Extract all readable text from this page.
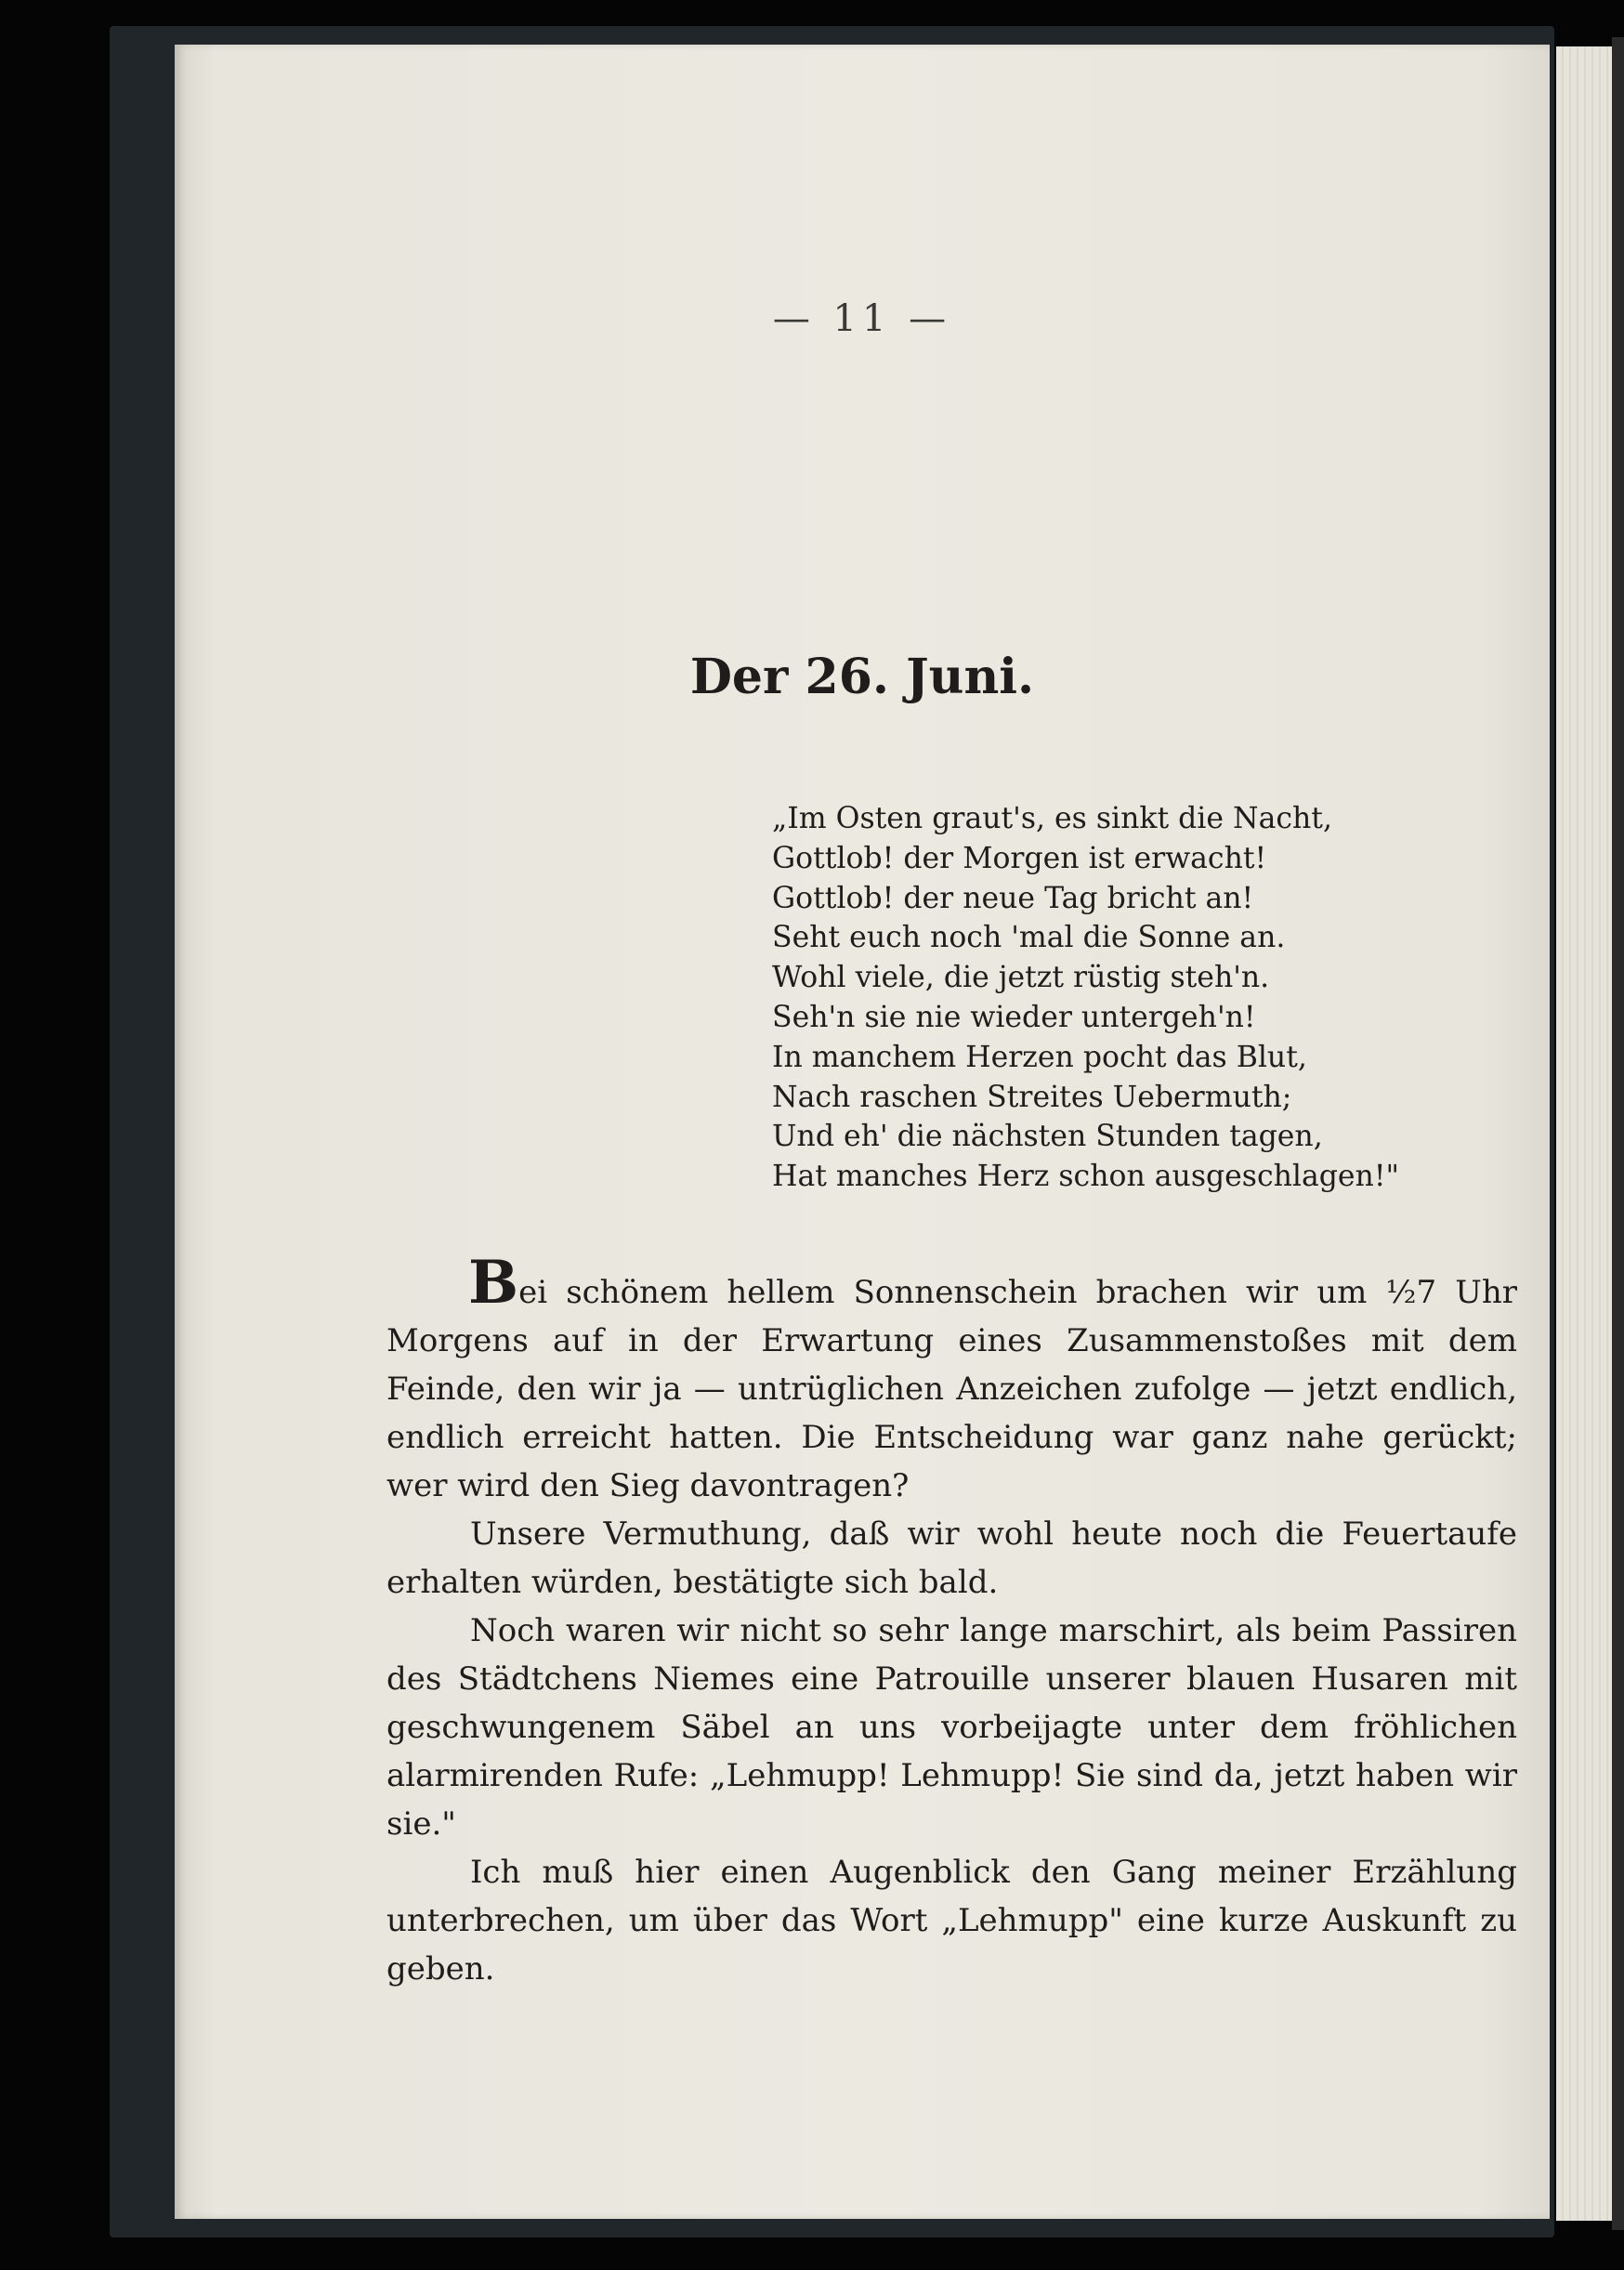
— 11 —
Der 26. Juni.
„Im Osten graut's, es sinkt die Nacht,
Gottlob! der Morgen ist erwacht!
Gottlob! der neue Tag bricht an!
Seht euch noch 'mal die Sonne an.
Wohl viele, die jetzt rüstig steh'n.
Seh'n sie nie wieder untergeh'n!
In manchem Herzen pocht das Blut,
Nach raschen Streites Uebermuth;
Und eh' die nächsten Stunden tagen,
Hat manches Herz schon ausgeschlagen!"

Bei schönem hellem Sonnenschein brachen wir um ½7 Uhr Morgens auf in der Erwartung eines Zusammenstoßes mit dem Feinde, den wir ja — untrüglichen Anzeichen zufolge — jetzt endlich, endlich erreicht hatten. Die Entscheidung war ganz nahe gerückt; wer wird den Sieg davontragen?

Unsere Vermuthung, daß wir wohl heute noch die Feuertaufe erhalten würden, bestätigte sich bald.

Noch waren wir nicht so sehr lange marschirt, als beim Passiren des Städtchens Niemes eine Patrouille unserer blauen Husaren mit geschwungenem Säbel an uns vorbeijagte unter dem fröhlichen alarmirenden Rufe: „Lehmupp! Lehmupp! Sie sind da, jetzt haben wir sie."

Ich muß hier einen Augenblick den Gang meiner Erzählung unterbrechen, um über das Wort „Lehmupp" eine kurze Auskunft zu geben.
